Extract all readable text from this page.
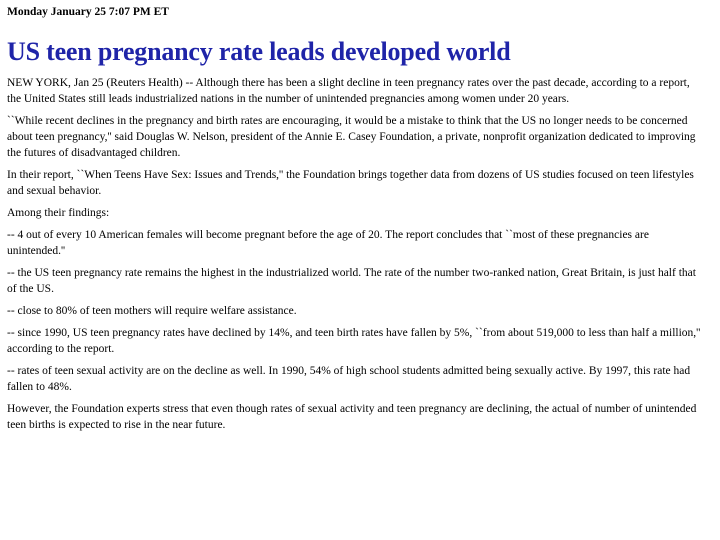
Monday January 25 7:07 PM ET

US teen pregnancy rate leads developed world

NEW YORK, Jan 25 (Reuters Health) -- Although there has been a slight decline in teen pregnancy rates over the past decade, according to a report, the United States still leads industrialized nations in the number of unintended pregnancies among women under 20 years.

``While recent declines in the pregnancy and birth rates are encouraging, it would be a mistake to think that the US no longer needs to be concerned about teen pregnancy,'' said Douglas W. Nelson, president of the Annie E. Casey Foundation, a private, nonprofit organization dedicated to improving the futures of disadvantaged children.

In their report, ``When Teens Have Sex: Issues and Trends,'' the Foundation brings together data from dozens of US studies focused on teen lifestyles and sexual behavior.

Among their findings:

-- 4 out of every 10 American females will become pregnant before the age of 20. The report concludes that ``most of these pregnancies are unintended.''

-- the US teen pregnancy rate remains the highest in the industrialized world. The rate of the number two-ranked nation, Great Britain, is just half that of the US.

-- close to 80% of teen mothers will require welfare assistance.

-- since 1990, US teen pregnancy rates have declined by 14%, and teen birth rates have fallen by 5%, ``from about 519,000 to less than half a million,'' according to the report.

-- rates of teen sexual activity are on the decline as well. In 1990, 54% of high school students admitted being sexually active. By 1997, this rate had fallen to 48%.

However, the Foundation experts stress that even though rates of sexual activity and teen pregnancy are declining, the actual of number of unintended teen births is expected to rise in the near future.
